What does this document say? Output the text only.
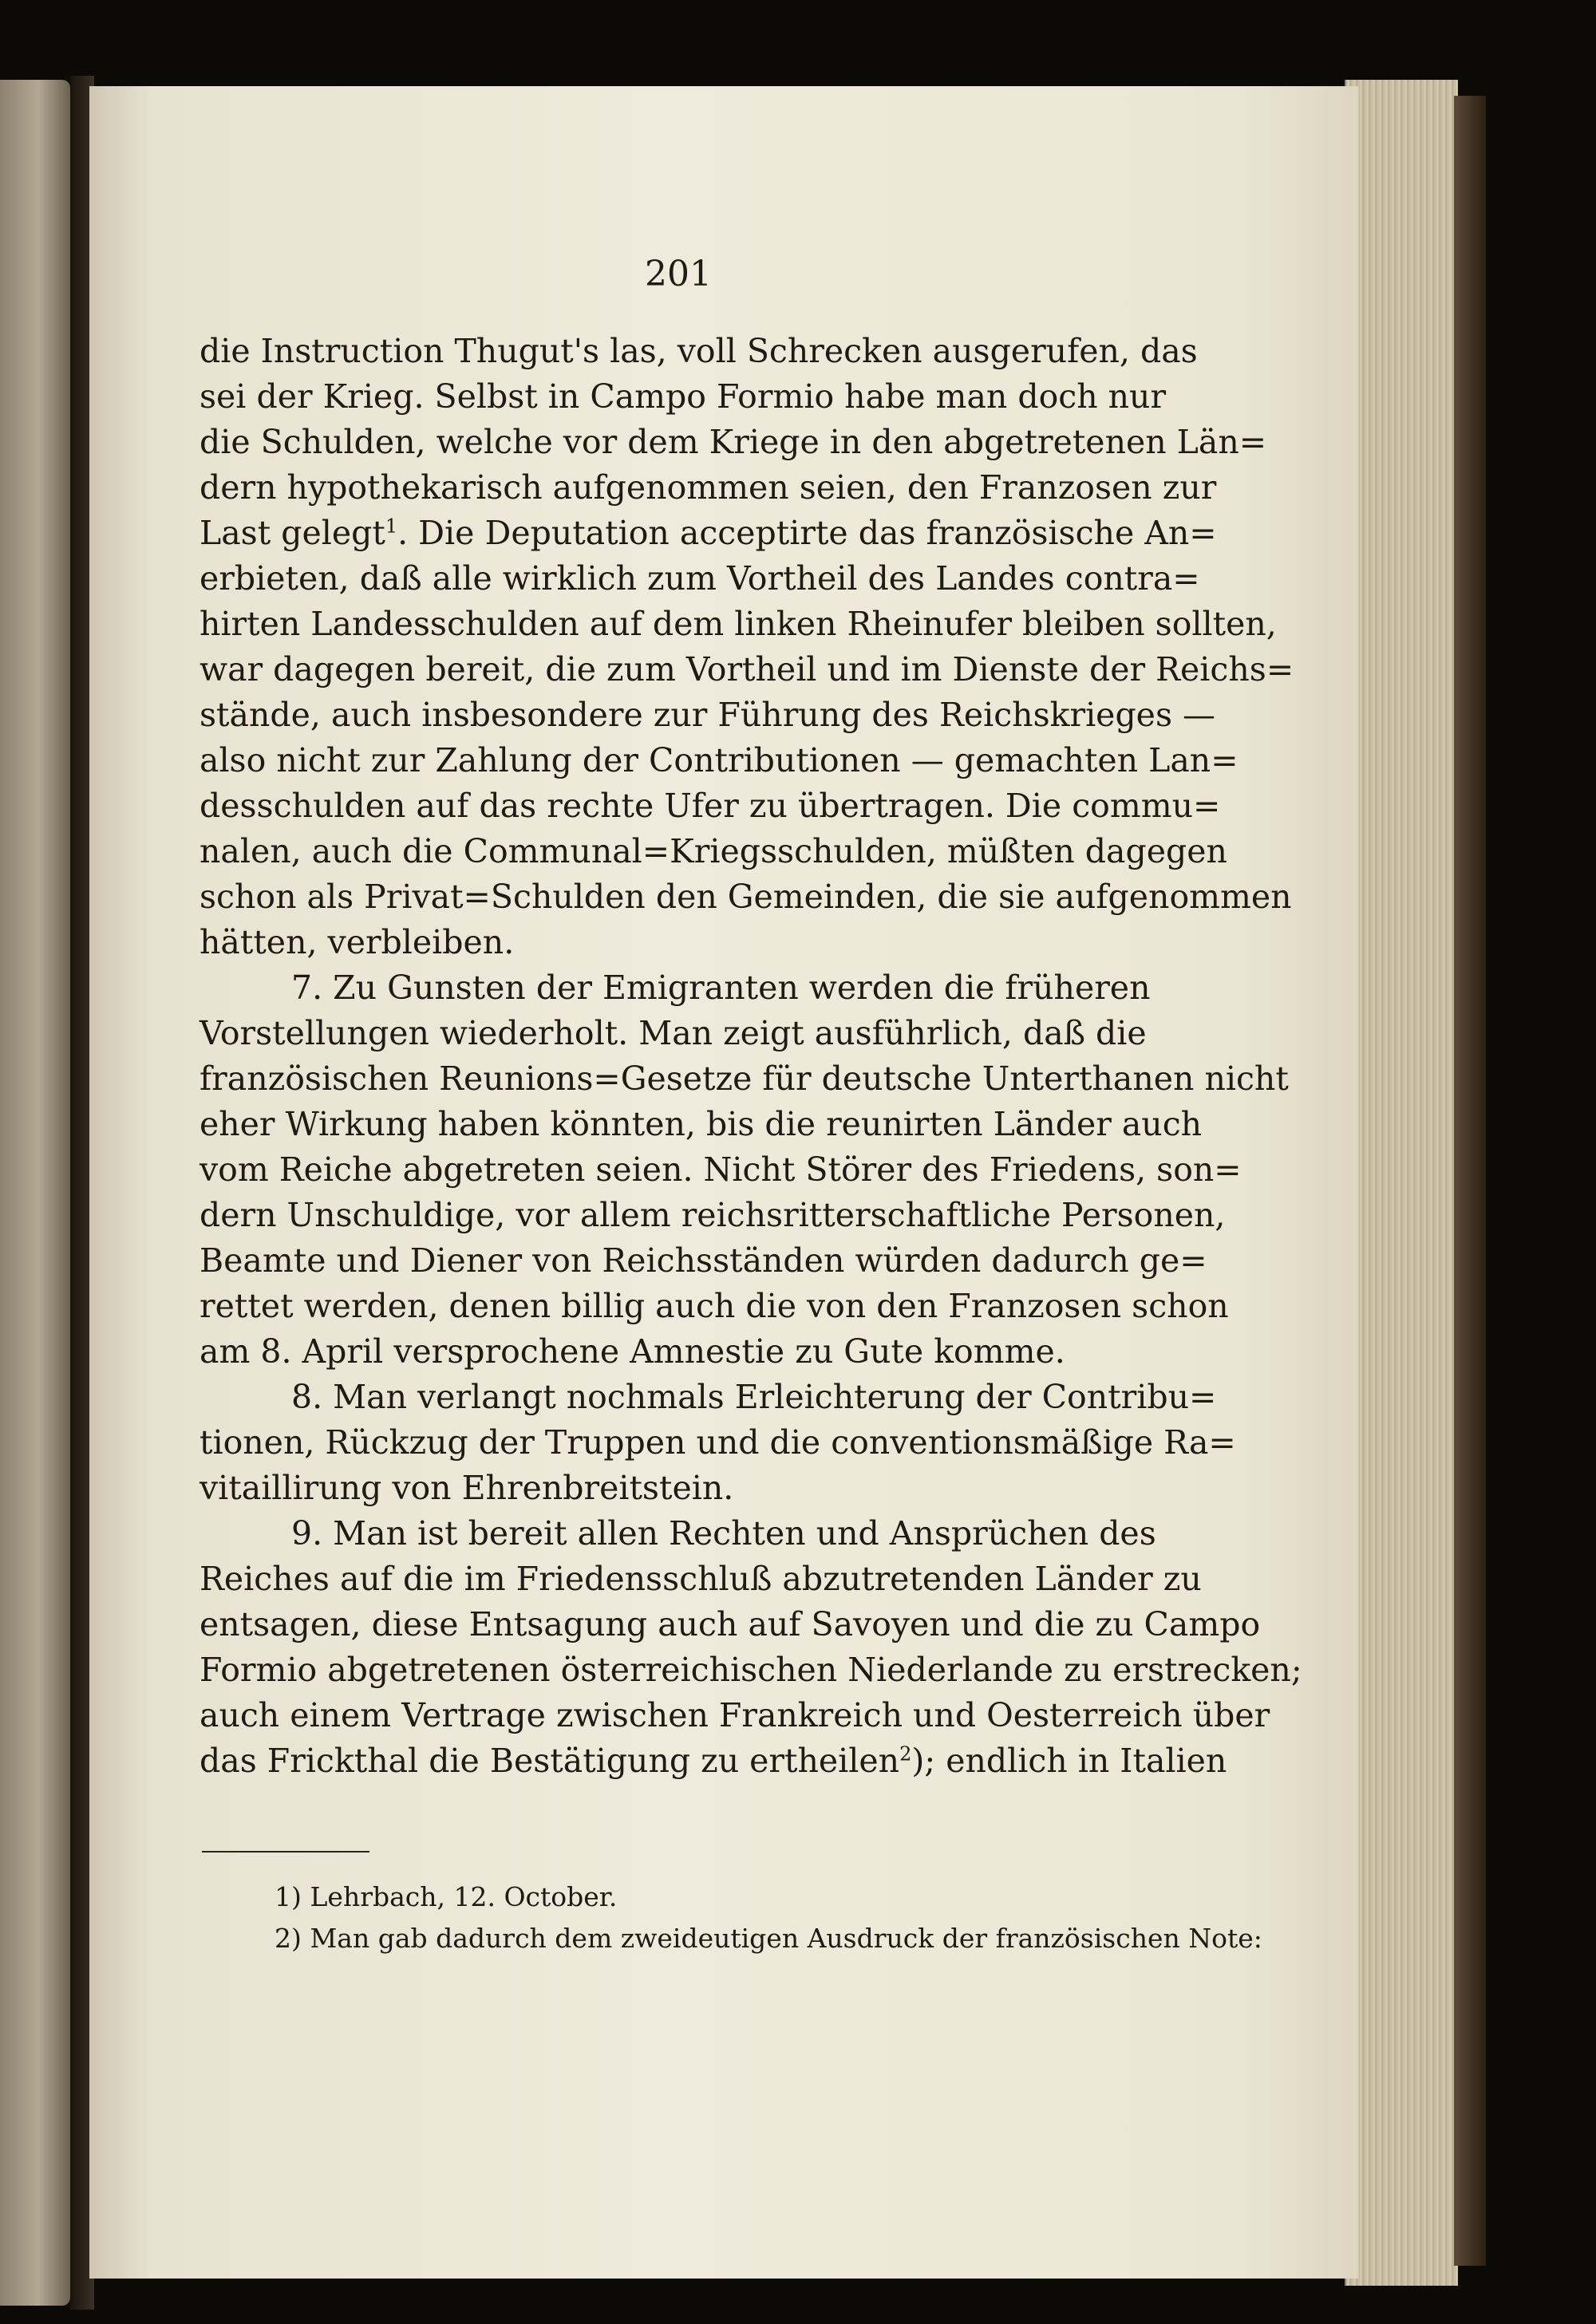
201
die Instruction Thugut's las, voll Schrecken ausgerufen, das
sei der Krieg. Selbst in Campo Formio habe man doch nur
die Schulden, welche vor dem Kriege in den abgetretenen Län=
dern hypothekarisch aufgenommen seien, den Franzosen zur
Last gelegt$^1$. Die Deputation acceptirte das französische An=
erbieten, daß alle wirklich zum Vortheil des Landes contra=
hirten Landesschulden auf dem linken Rheinufer bleiben sollten,
war dagegen bereit, die zum Vortheil und im Dienste der Reichs=
stände, auch insbesondere zur Führung des Reichskrieges —
also nicht zur Zahlung der Contributionen — gemachten Lan=
desschulden auf das rechte Ufer zu übertragen. Die commu=
nalen, auch die Communal=Kriegsschulden, müßten dagegen
schon als Privat=Schulden den Gemeinden, die sie aufgenommen
hätten, verbleiben.
7. Zu Gunsten der Emigranten werden die früheren
Vorstellungen wiederholt. Man zeigt ausführlich, daß die
französischen Reunions=Gesetze für deutsche Unterthanen nicht
eher Wirkung haben könnten, bis die reunirten Länder auch
vom Reiche abgetreten seien. Nicht Störer des Friedens, son=
dern Unschuldige, vor allem reichsritterschaftliche Personen,
Beamte und Diener von Reichsständen würden dadurch ge=
rettet werden, denen billig auch die von den Franzosen schon
am 8. April versprochene Amnestie zu Gute komme.
8. Man verlangt nochmals Erleichterung der Contribu=
tionen, Rückzug der Truppen und die conventionsmäßige Ra=
vitaillirung von Ehrenbreitstein.
9. Man ist bereit allen Rechten und Ansprüchen des
Reiches auf die im Friedensschluß abzutretenden Länder zu
entsagen, diese Entsagung auch auf Savoyen und die zu Campo
Formio abgetretenen österreichischen Niederlande zu erstrecken;
auch einem Vertrage zwischen Frankreich und Oesterreich über
das Frickthal die Bestätigung zu ertheilen$^2$); endlich in Italien
1) Lehrbach, 12. October.
2) Man gab dadurch dem zweideutigen Ausdruck der französischen Note:
